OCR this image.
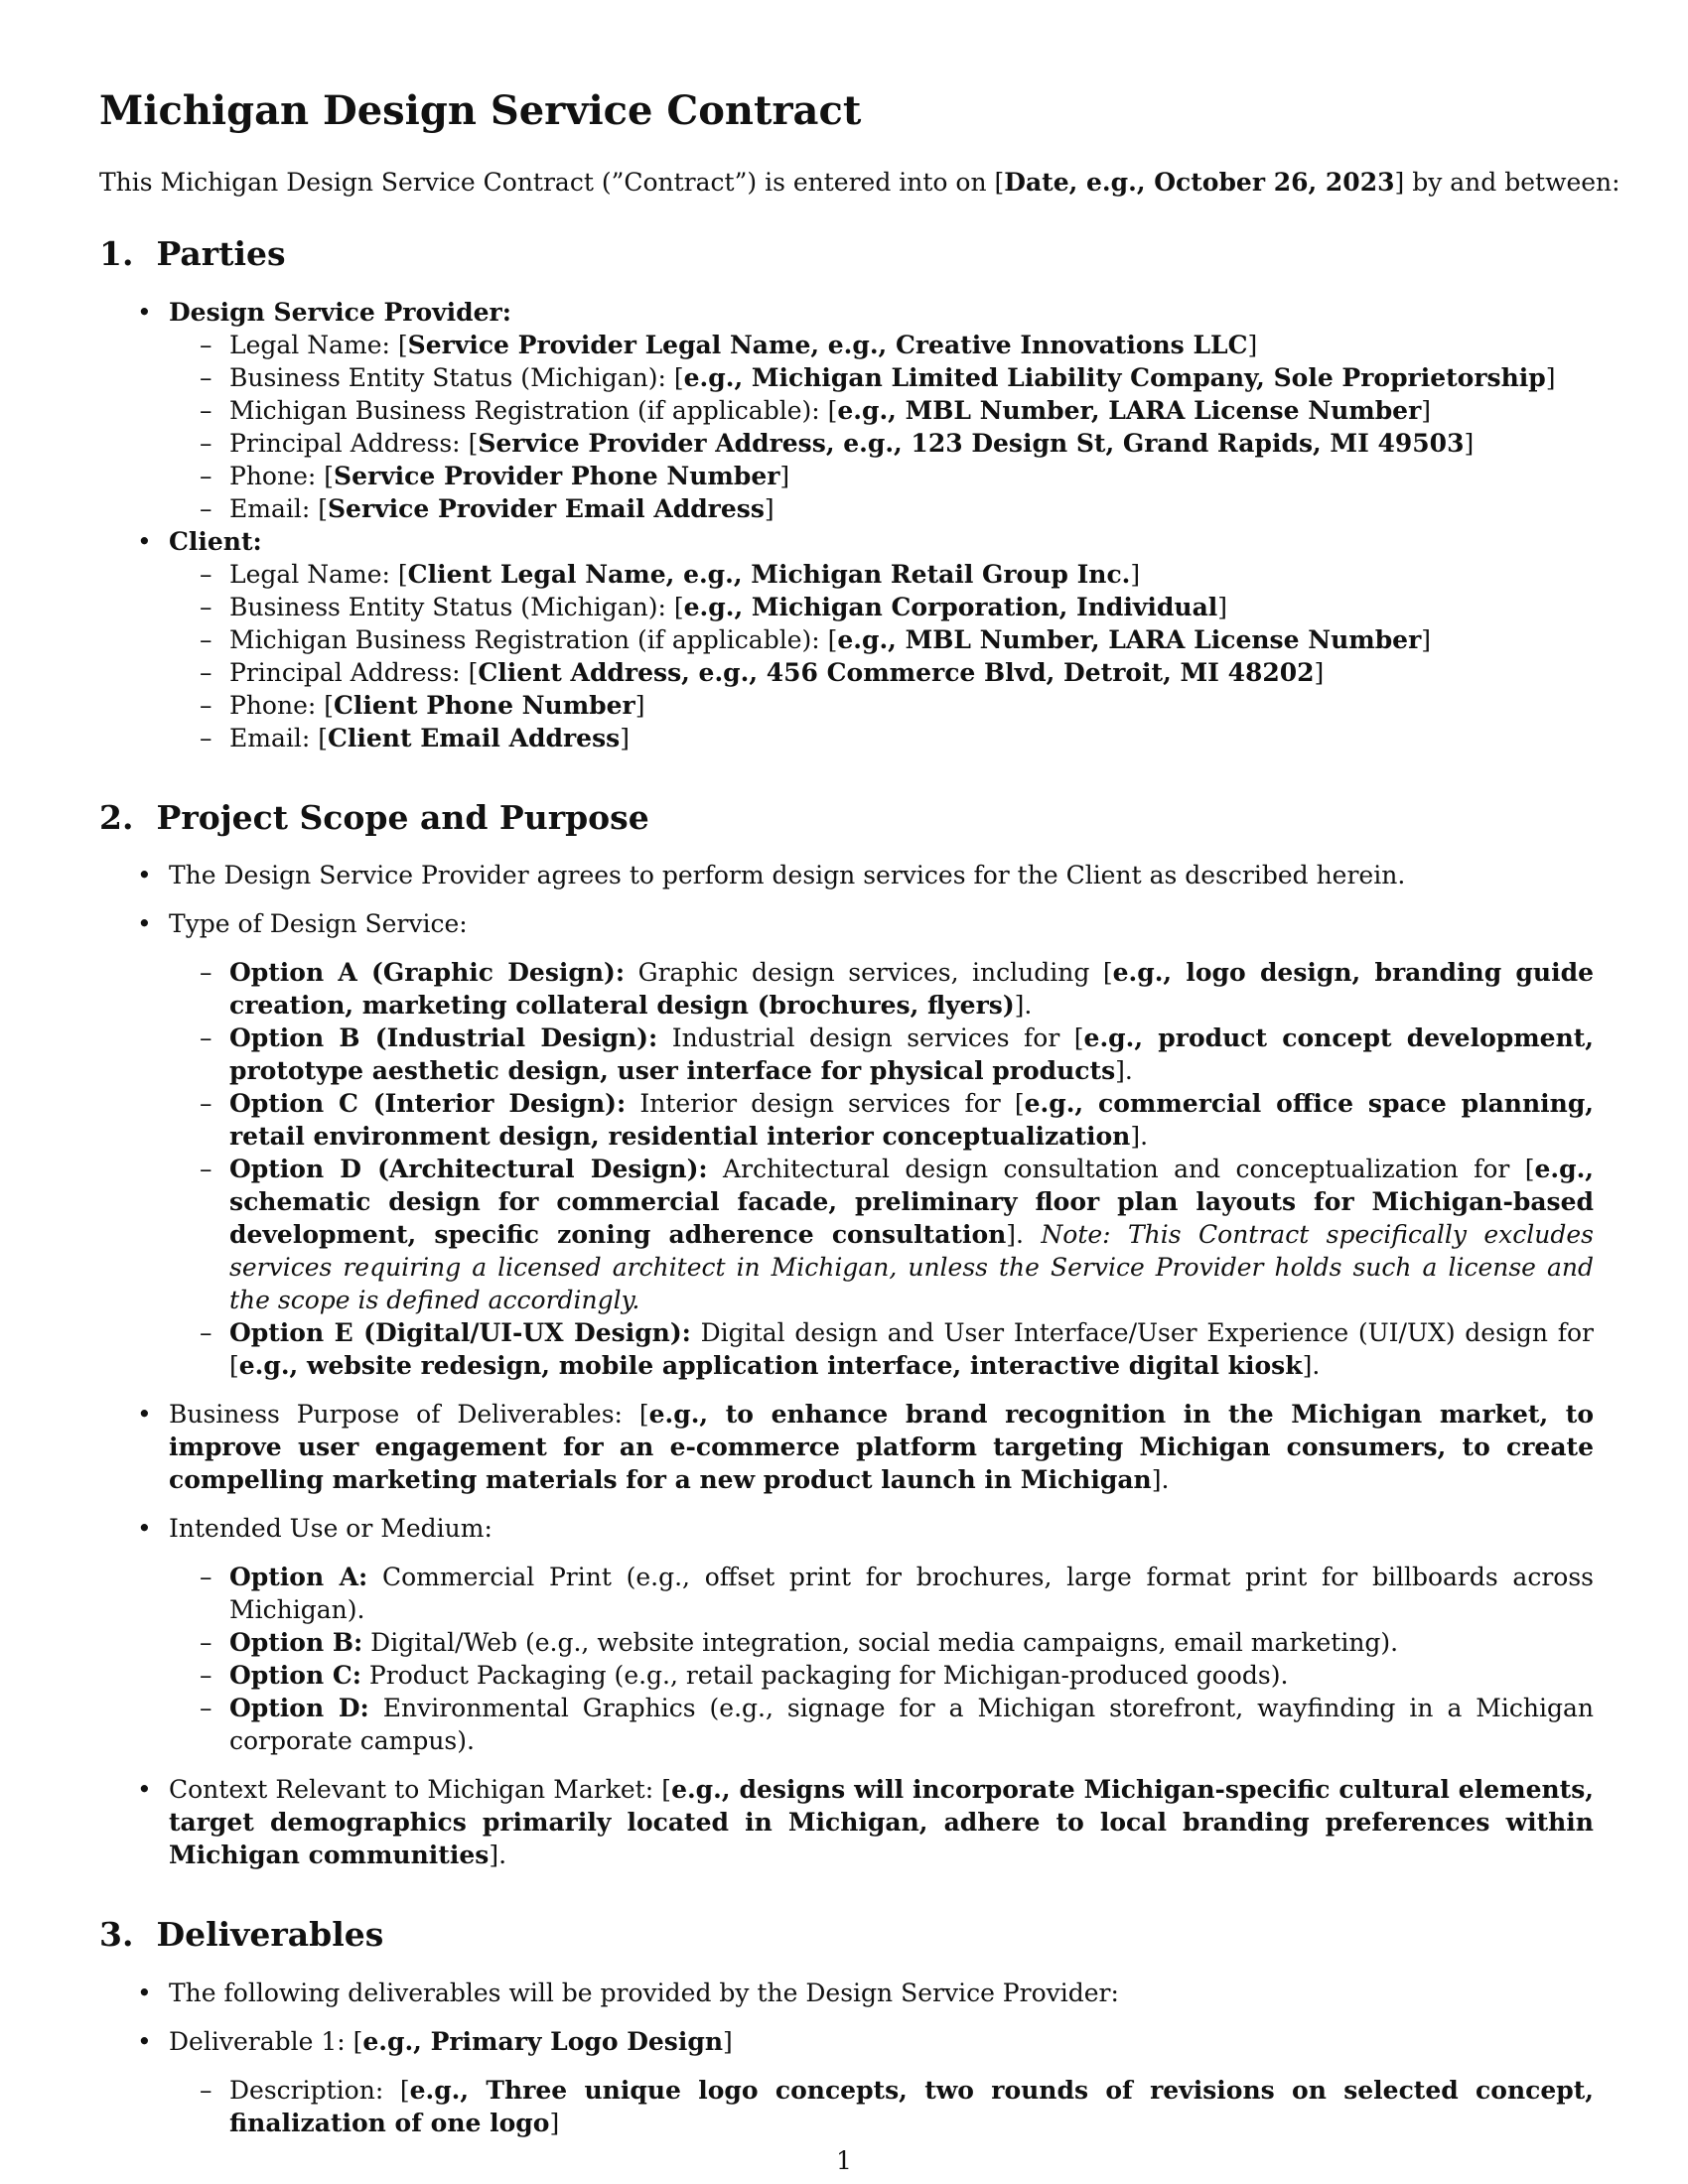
Michigan Design Service Contract

This Michigan Design Service Contract (”Contract”) is entered into on [Date, e.g., October 26, 2023] by and between:

1. Parties
• Design Service Provider:
– Legal Name: [Service Provider Legal Name, e.g., Creative Innovations LLC]
– Business Entity Status (Michigan): [e.g., Michigan Limited Liability Company, Sole Proprietorship]
– Michigan Business Registration (if applicable): [e.g., MBL Number, LARA License Number]
– Principal Address: [Service Provider Address, e.g., 123 Design St, Grand Rapids, MI 49503]
– Phone: [Service Provider Phone Number]
– Email: [Service Provider Email Address]
• Client:
– Legal Name: [Client Legal Name, e.g., Michigan Retail Group Inc.]
– Business Entity Status (Michigan): [e.g., Michigan Corporation, Individual]
– Michigan Business Registration (if applicable): [e.g., MBL Number, LARA License Number]
– Principal Address: [Client Address, e.g., 456 Commerce Blvd, Detroit, MI 48202]
– Phone: [Client Phone Number]
– Email: [Client Email Address]
2. Project Scope and Purpose
• The Design Service Provider agrees to perform design services for the Client as described herein.
• Type of Design Service:
– Option A (Graphic Design): Graphic design services, including [e.g., logo design, branding guide creation, marketing collateral design (brochures, flyers)].
– Option B (Industrial Design): Industrial design services for [e.g., product concept development, prototype aesthetic design, user interface for physical products].
– Option C (Interior Design): Interior design services for [e.g., commercial office space planning, retail environment design, residential interior conceptualization].
– Option D (Architectural Design): Architectural design consultation and conceptualization for [e.g., schematic design for commercial facade, preliminary floor plan layouts for Michigan-based development, specific zoning adherence consultation]. Note: This Contract specifically excludes services requiring a licensed architect in Michigan, unless the Service Provider holds such a license and the scope is defined accordingly.
– Option E (Digital/UI-UX Design): Digital design and User Interface/User Experience (UI/UX) design for [e.g., website redesign, mobile application interface, interactive digital kiosk].
• Business Purpose of Deliverables: [e.g., to enhance brand recognition in the Michigan market, to improve user engagement for an e-commerce platform targeting Michigan consumers, to create compelling marketing materials for a new product launch in Michigan].
• Intended Use or Medium:
– Option A: Commercial Print (e.g., offset print for brochures, large format print for billboards across Michigan).
– Option B: Digital/Web (e.g., website integration, social media campaigns, email marketing).
– Option C: Product Packaging (e.g., retail packaging for Michigan-produced goods).
– Option D: Environmental Graphics (e.g., signage for a Michigan storefront, wayfinding in a Michigan corporate campus).
• Context Relevant to Michigan Market: [e.g., designs will incorporate Michigan-specific cultural elements, target demographics primarily located in Michigan, adhere to local branding preferences within Michigan communities].
3. Deliverables
• The following deliverables will be provided by the Design Service Provider:
• Deliverable 1: [e.g., Primary Logo Design]
– Description: [e.g., Three unique logo concepts, two rounds of revisions on selected concept, finalization of one logo]
1
